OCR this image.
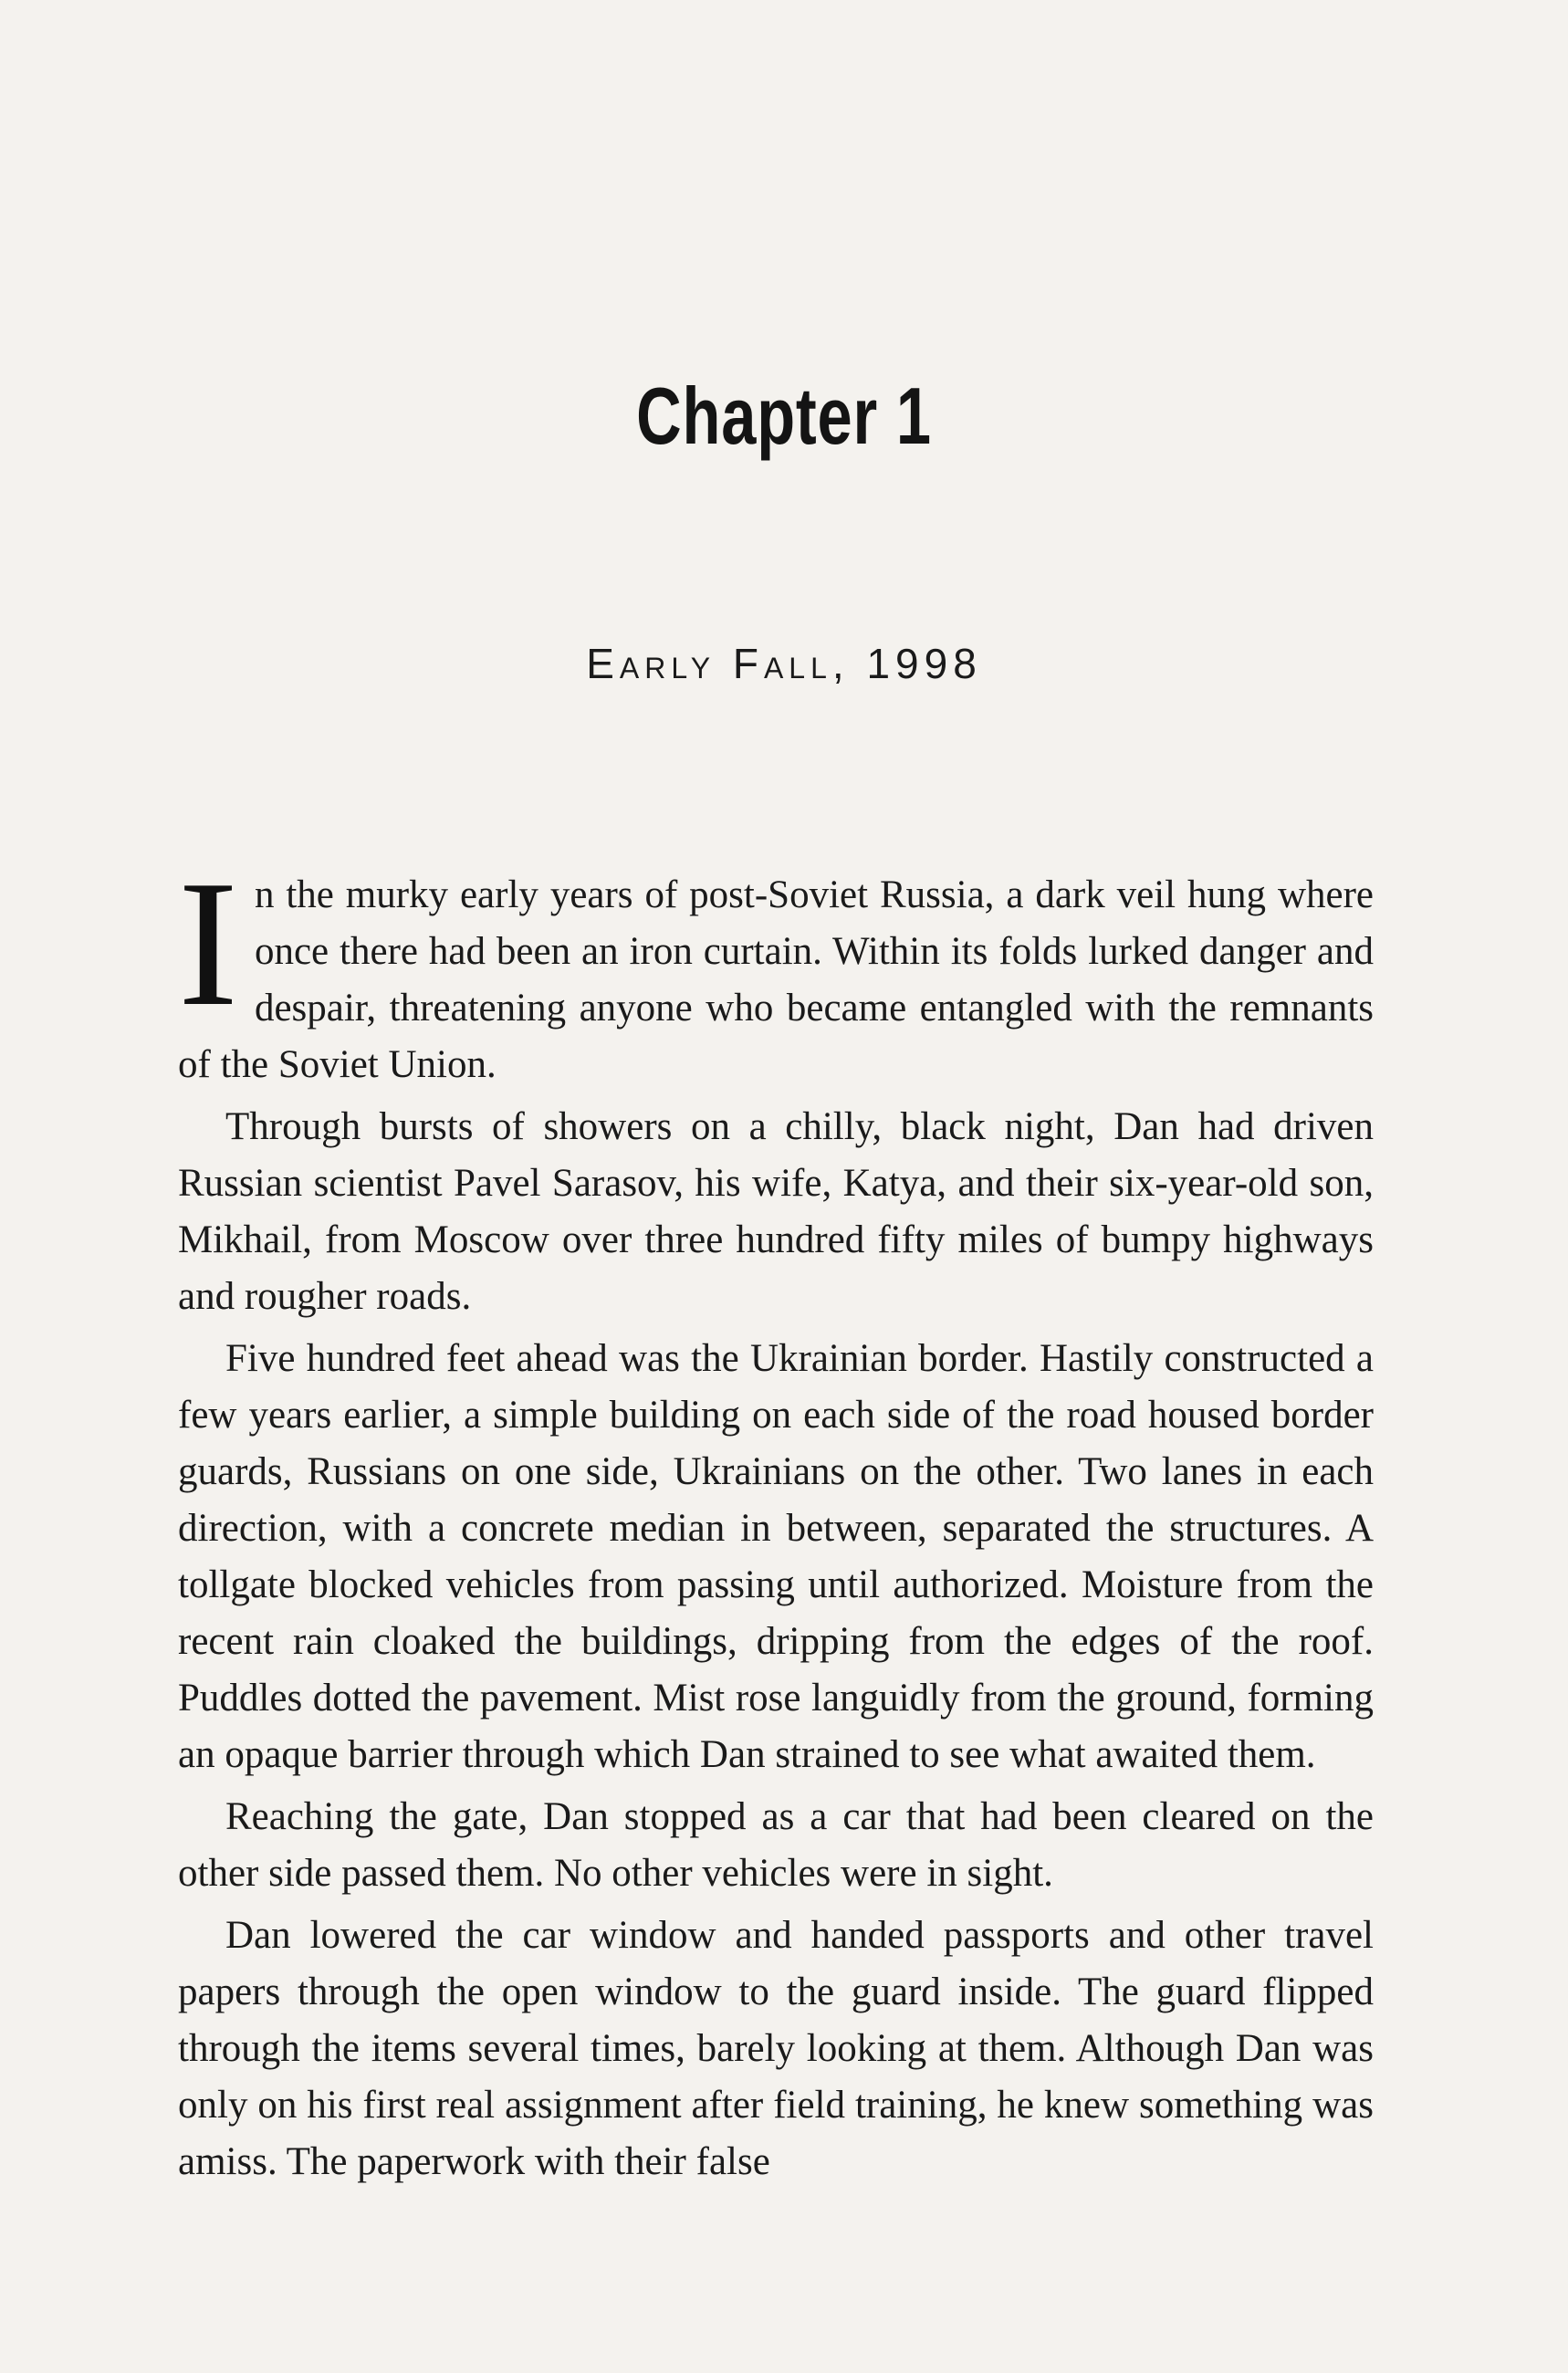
Chapter 1
Early Fall, 1998

In the murky early years of post-Soviet Russia, a dark veil hung where once there had been an iron curtain. Within its folds lurked danger and despair, threatening anyone who became entangled with the remnants of the Soviet Union.

Through bursts of showers on a chilly, black night, Dan had driven Russian scientist Pavel Sarasov, his wife, Katya, and their six-year-old son, Mikhail, from Moscow over three hundred fifty miles of bumpy highways and rougher roads.

Five hundred feet ahead was the Ukrainian border. Hastily constructed a few years earlier, a simple building on each side of the road housed border guards, Russians on one side, Ukrainians on the other. Two lanes in each direction, with a concrete median in between, separated the structures. A tollgate blocked vehicles from passing until authorized. Moisture from the recent rain cloaked the buildings, dripping from the edges of the roof. Puddles dotted the pavement. Mist rose languidly from the ground, forming an opaque barrier through which Dan strained to see what awaited them.

Reaching the gate, Dan stopped as a car that had been cleared on the other side passed them. No other vehicles were in sight.

Dan lowered the car window and handed passports and other travel papers through the open window to the guard inside. The guard flipped through the items several times, barely looking at them. Although Dan was only on his first real assignment after field training, he knew something was amiss. The paperwork with their false
